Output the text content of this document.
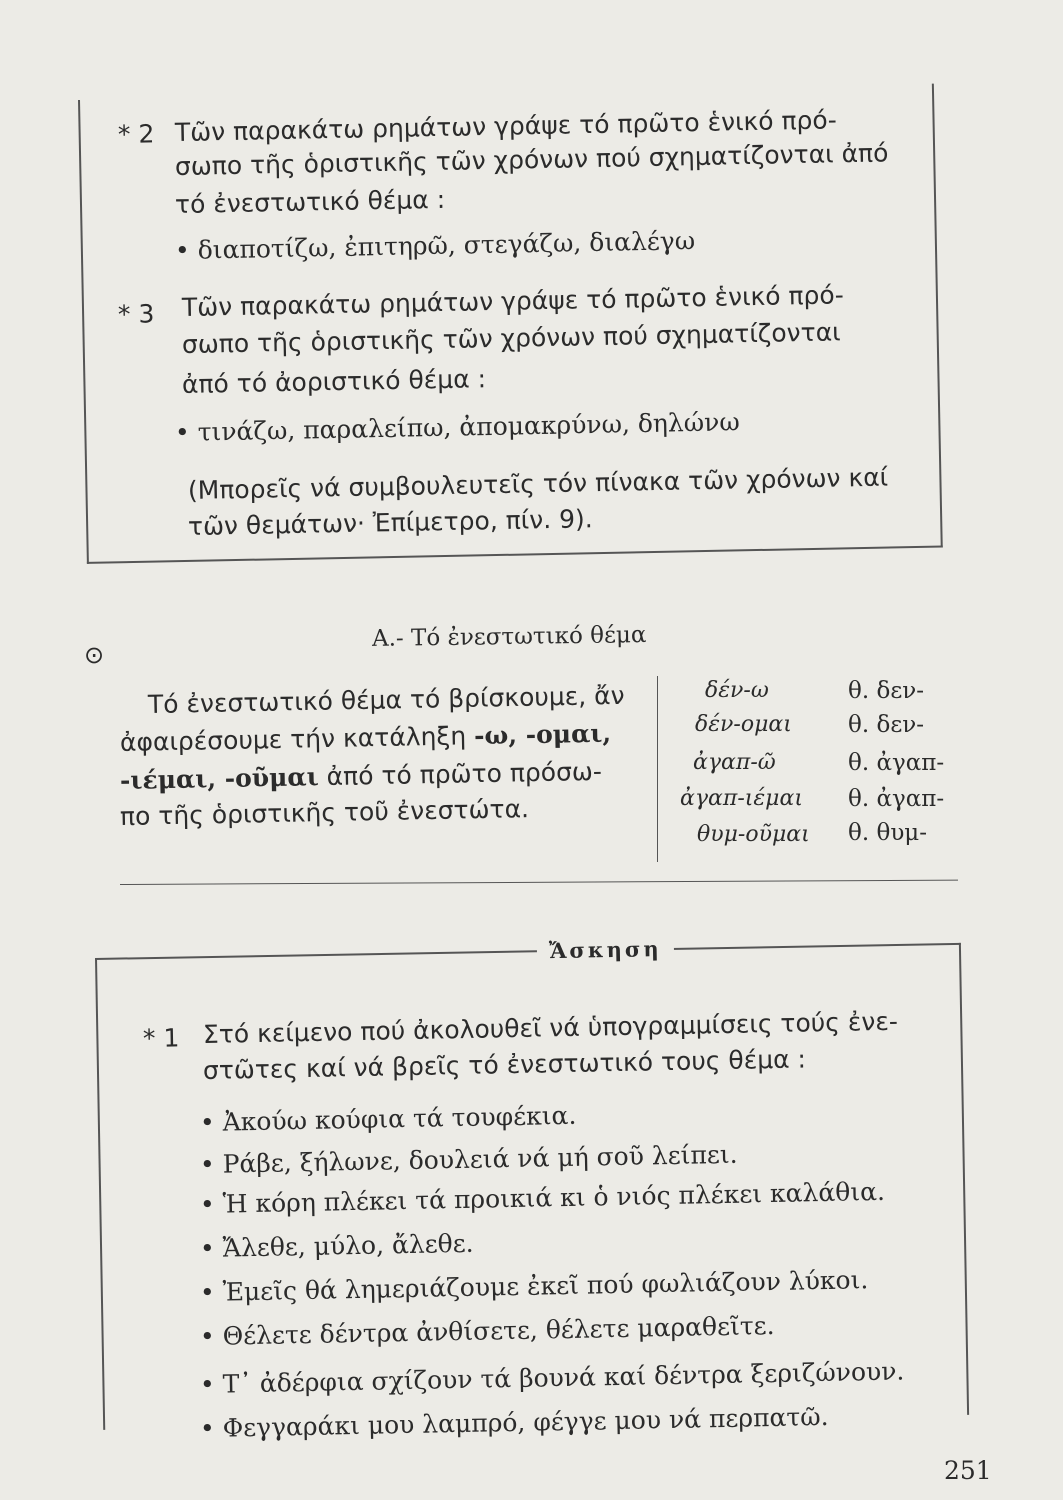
* 2 Τῶν παρακάτω ρημάτων γράψε τό πρῶτο ἑνικό πρό-
σωπο τῆς ὁριστικῆς τῶν χρόνων πού σχηματίζονται ἀπό
τό ἐνεστωτικό θέμα :
• διαποτίζω, ἐπιτηρῶ, στεγάζω, διαλέγω
* 3 Τῶν παρακάτω ρημάτων γράψε τό πρῶτο ἑνικό πρό-
σωπο τῆς ὁριστικῆς τῶν χρόνων πού σχηματίζονται
ἀπό τό ἀοριστικό θέμα :
• τινάζω, παραλείπω, ἀπομακρύνω, δηλώνω
(Μπορεῖς νά συμβουλευτεῖς τόν πίνακα τῶν χρόνων καί
τῶν θεμάτων· Ἐπίμετρο, πίν. 9).
⊙
Α.- Τό ἐνεστωτικό θέμα
Τό ἐνεστωτικό θέμα τό βρίσκουμε, ἄν
ἀφαιρέσουμε τήν κατάληξη -ω, -ομαι,
-ιέμαι, -οῦμαι ἀπό τό πρῶτο πρόσω-
πο τῆς ὁριστικῆς τοῦ ἐνεστώτα.
δέν-ω	θ. δεν-
δέν-ομαι θ. δεν-
ἀγαπ-ῶ	θ. ἀγαπ-
ἀγαπ-ιέμαι θ. ἀγαπ-
θυμ-οῦμαι θ. θυμ-
Ἄσκηση
* 1 Στό κείμενο πού ἀκολουθεῖ νά ὑπογραμμίσεις τούς ἐνε-
στῶτες καί νά βρεῖς τό ἐνεστωτικό τους θέμα :
• Ἀκούω κούφια τά τουφέκια.
• Ράβε, ξήλωνε, δουλειά νά μή σοῦ λείπει.
• Ἡ κόρη πλέκει τά προικιά κι ὁ νιός πλέκει καλάθια.
• Ἄλεθε, μύλο, ἄλεθε.
• Ἐμεῖς θά λημεριάζουμε ἐκεῖ πού φωλιάζουν λύκοι.
• Θέλετε δέντρα ἀνθίσετε, θέλετε μαραθεῖτε.
• Τ᾿ ἀδέρφια σχίζουν τά βουνά καί δέντρα ξεριζώνουν.
• Φεγγαράκι μου λαμπρό, φέγγε μου νά περπατῶ.
251
